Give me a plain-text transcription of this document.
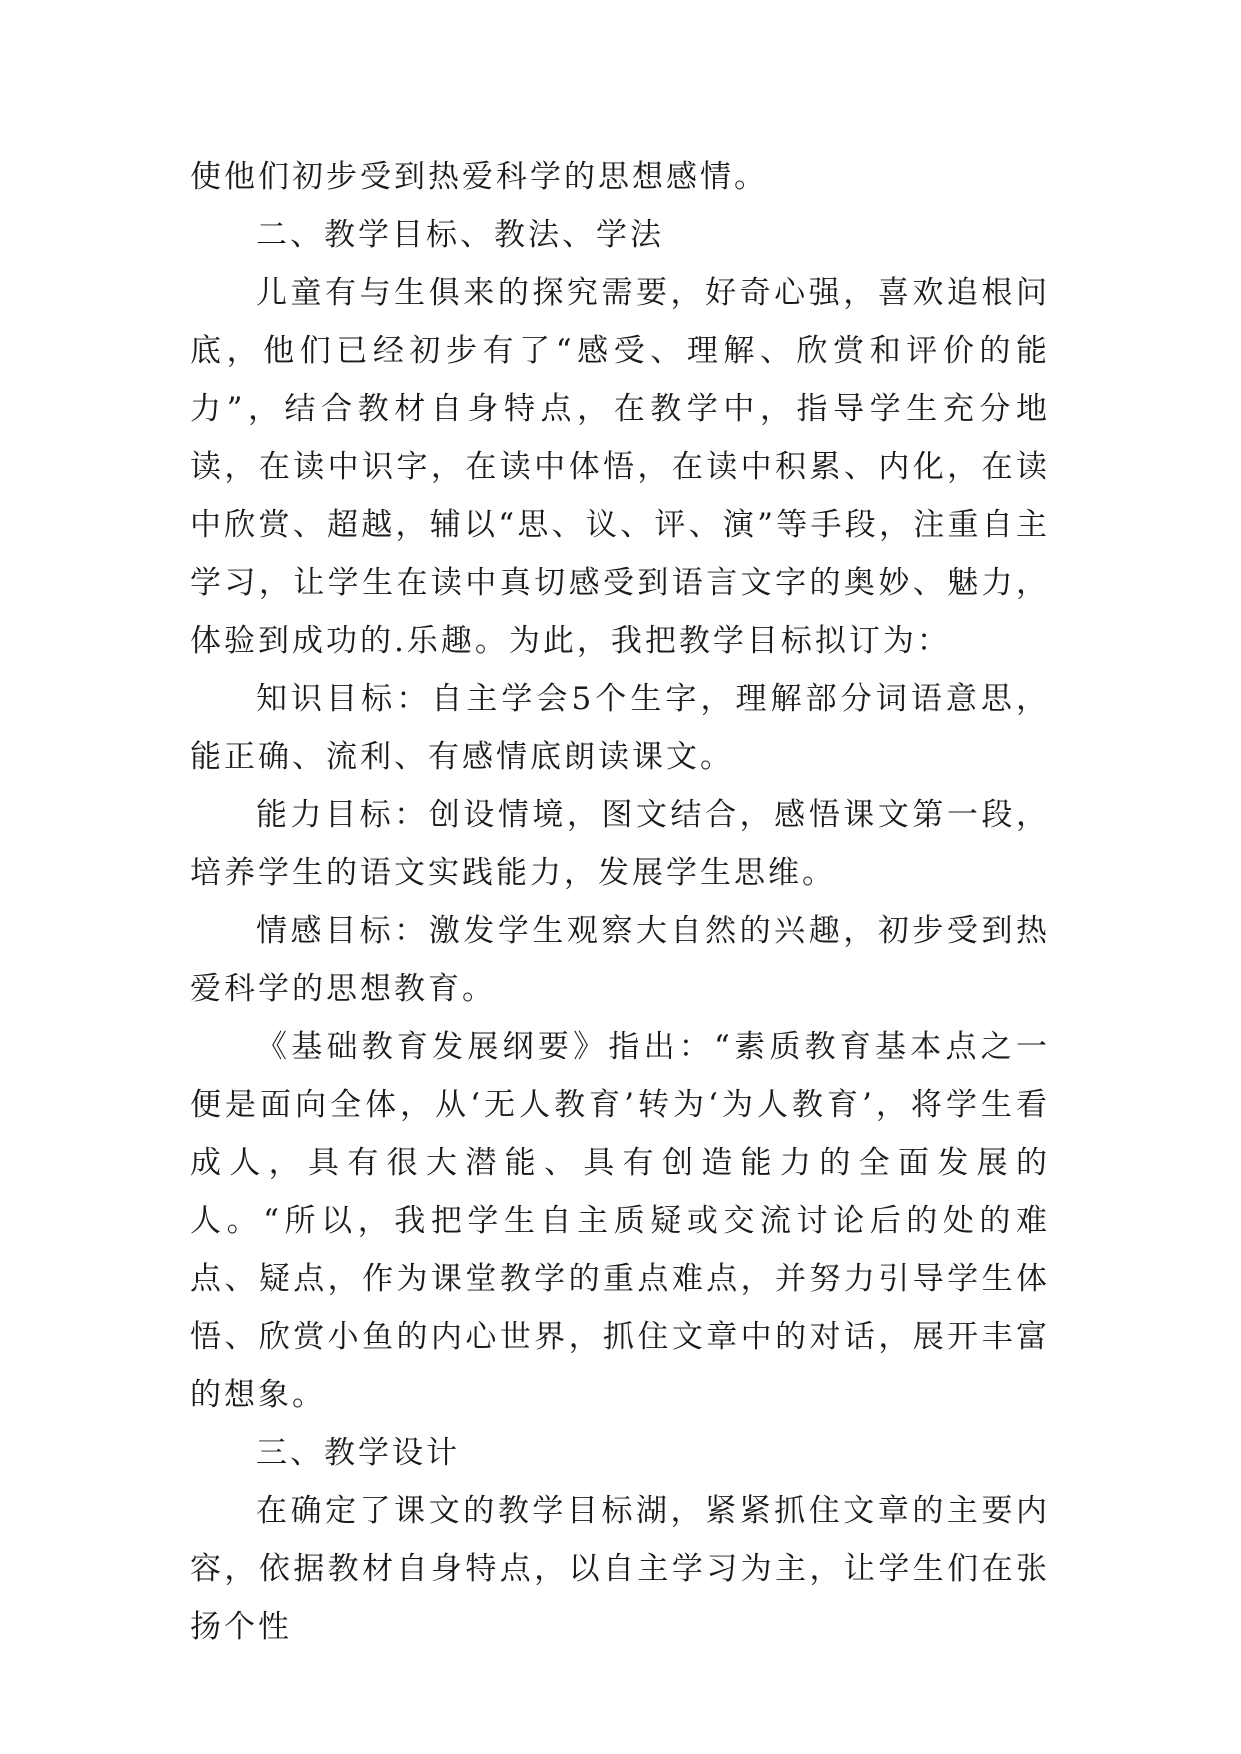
使他们初步受到热爱科学的思想感情。

二、教学目标、教法、学法

儿童有与生俱来的探究需要，好奇心强，喜欢追根问底，他们已经初步有了“感受、理解、欣赏和评价的能力”，结合教材自身特点，在教学中，指导学生充分地读，在读中识字，在读中体悟，在读中积累、内化，在读中欣赏、超越，辅以“思、议、评、演”等手段，注重自主学习，让学生在读中真切感受到语言文字的奥妙、魅力，体验到成功的.乐趣。为此，我把教学目标拟订为：

知识目标：自主学会5个生字，理解部分词语意思，能正确、流利、有感情底朗读课文。

能力目标：创设情境，图文结合，感悟课文第一段，培养学生的语文实践能力，发展学生思维。

情感目标：激发学生观察大自然的兴趣，初步受到热爱科学的思想教育。

《基础教育发展纲要》指出：“素质教育基本点之一便是面向全体，从‘无人教育’转为‘为人教育’，将学生看成人，具有很大潜能、具有创造能力的全面发展的人。“所以，我把学生自主质疑或交流讨论后的处的难点、疑点，作为课堂教学的重点难点，并努力引导学生体悟、欣赏小鱼的内心世界，抓住文章中的对话，展开丰富的想象。

三、教学设计

在确定了课文的教学目标湖，紧紧抓住文章的主要内容，依据教材自身特点，以自主学习为主，让学生们在张扬个性
